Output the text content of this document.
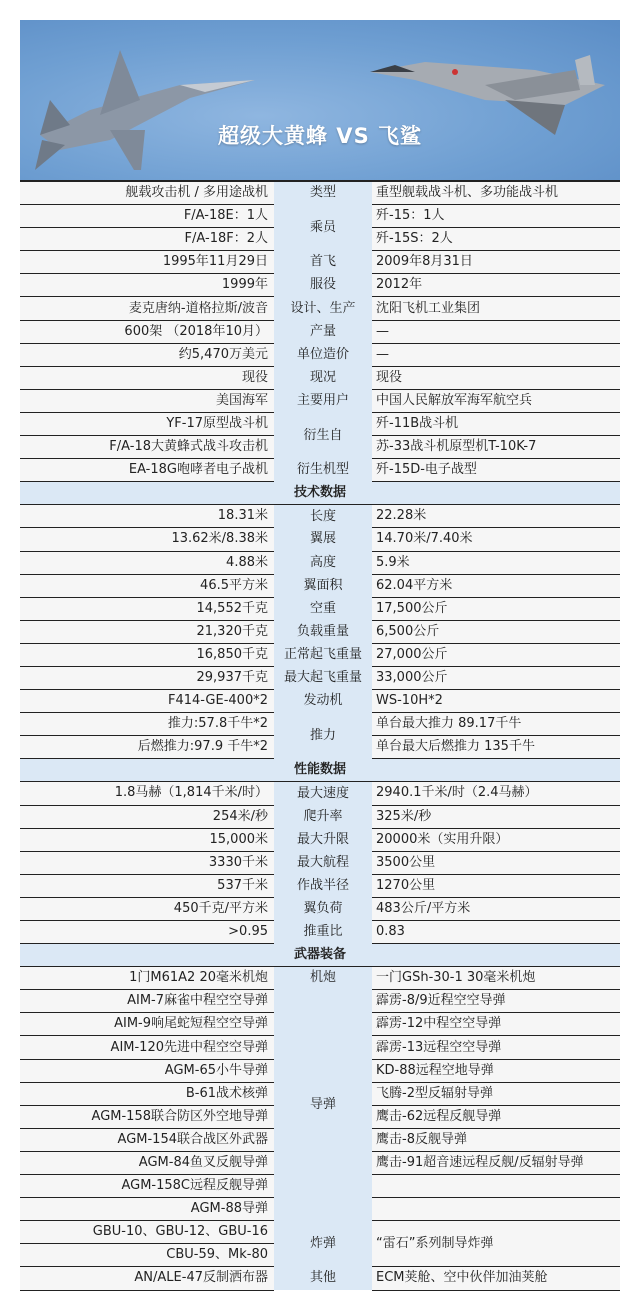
超级大黄蜂 VS 飞鲨
舰载攻击机 / 多用途战机	类型	重型舰载战斗机、多功能战斗机
F/A-18E：1人	乘员	歼-15：1人
F/A-18F：2人		歼-15S：2人
1995年11月29日	首飞	2009年8月31日
1999年	服役	2012年
麦克唐纳-道格拉斯/波音	设计、生产	沈阳飞机工业集团
600架 （2018年10月）	产量	—
约5,470万美元	单位造价	—
现役	现况	现役
美国海军	主要用户	中国人民解放军海军航空兵
YF-17原型战斗机	衍生自	歼-11B战斗机
F/A-18大黄蜂式战斗攻击机		苏-33战斗机原型机T-10K-7
EA-18G咆哮者电子战机	衍生机型	歼-15D-电子战型
技术数据		
18.31米	长度	22.28米
13.62米/8.38米	翼展	14.70米/7.40米
4.88米	高度	5.9米
46.5平方米	翼面积	62.04平方米
14,552千克	空重	17,500公斤
21,320千克	负载重量	6,500公斤
16,850千克	正常起飞重量	27,000公斤
29,937千克	最大起飞重量	33,000公斤
F414-GE-400*2	发动机	WS-10H*2
推力:57.8千牛*2	推力	单台最大推力 89.17千牛
后燃推力:97.9 千牛*2		单台最大后燃推力 135千牛
性能数据		
1.8马赫（1,814千米/时）	最大速度	2940.1千米/时（2.4马赫）
254米/秒	爬升率	325米/秒
15,000米	最大升限	20000米（实用升限）
3330千米	最大航程	3500公里
537千米	作战半径	1270公里
450千克/平方米	翼负荷	483公斤/平方米
>0.95	推重比	0.83
武器装备		
1门M61A2 20毫米机炮	机炮	一门GSh-30-1 30毫米机炮
AIM-7麻雀中程空空导弹	导弹	霹雳-8/9近程空空导弹
AIM-9响尾蛇短程空空导弹		霹雳-12中程空空导弹
AIM-120先进中程空空导弹		霹雳-13远程空空导弹
AGM-65小牛导弹		KD-88远程空地导弹
B-61战术核弹		飞腾-2型反辐射导弹
AGM-158联合防区外空地导弹		鹰击-62远程反舰导弹
AGM-154联合战区外武器		鹰击-8反舰导弹
AGM-84鱼叉反舰导弹		鹰击-91超音速远程反舰/反辐射导弹
AGM-158C远程反舰导弹		
AGM-88导弹		
GBU-10、GBU-12、GBU-16	炸弹	“雷石”系列制导炸弹
CBU-59、Mk-80		
AN/ALE-47反制洒布器	其他	ECM荚舱、空中伙伴加油荚舱
